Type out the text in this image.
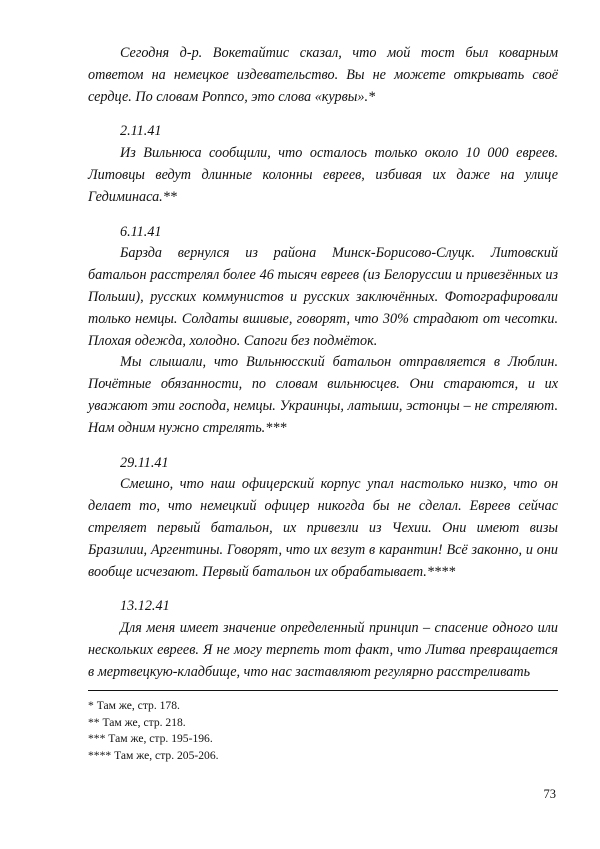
Сегодня д-р. Вокетайтис сказал, что мой тост был коварным ответом на немецкое издевательство. Вы не можете открывать своё сердце. По словам Роппсо, это слова «курвы».*

2.11.41

Из Вильнюса сообщили, что осталось только около 10 000 евреев. Литовцы ведут длинные колонны евреев, избивая их даже на улице Гедиминаса.**

6.11.41

Барзда вернулся из района Минск-Борисово-Слуцк. Литовский батальон расстрелял более 46 тысяч евреев (из Белоруссии и привезённых из Польши), русских коммунистов и русских заключённых. Фотографировали только немцы. Солдаты вшивые, говорят, что 30% страдают от чесотки. Плохая одежда, холодно. Сапоги без подмёток.

Мы слышали, что Вильнюсский батальон отправляется в Люблин. Почётные обязанности, по словам вильнюсцев. Они стараются, и их уважают эти господа, немцы. Украинцы, латыши, эстонцы – не стреляют. Нам одним нужно стрелять.***

29.11.41

Смешно, что наш офицерский корпус упал настолько низко, что он делает то, что немецкий офицер никогда бы не сделал. Евреев сейчас стреляет первый батальон, их привезли из Чехии. Они имеют визы Бразилии, Аргентины. Говорят, что их везут в карантин! Всё законно, и они вообще исчезают. Первый батальон их обрабатывает.****

13.12.41

Для меня имеет значение определенный принцип – спасение одного или нескольких евреев. Я не могу терпеть тот факт, что Литва превращается в мертвецкую-кладбище, что нас заставляют регулярно расстреливать

* Там же, стр. 178.
** Там же, стр. 218.
*** Там же, стр. 195-196.
**** Там же, стр. 205-206.
73
